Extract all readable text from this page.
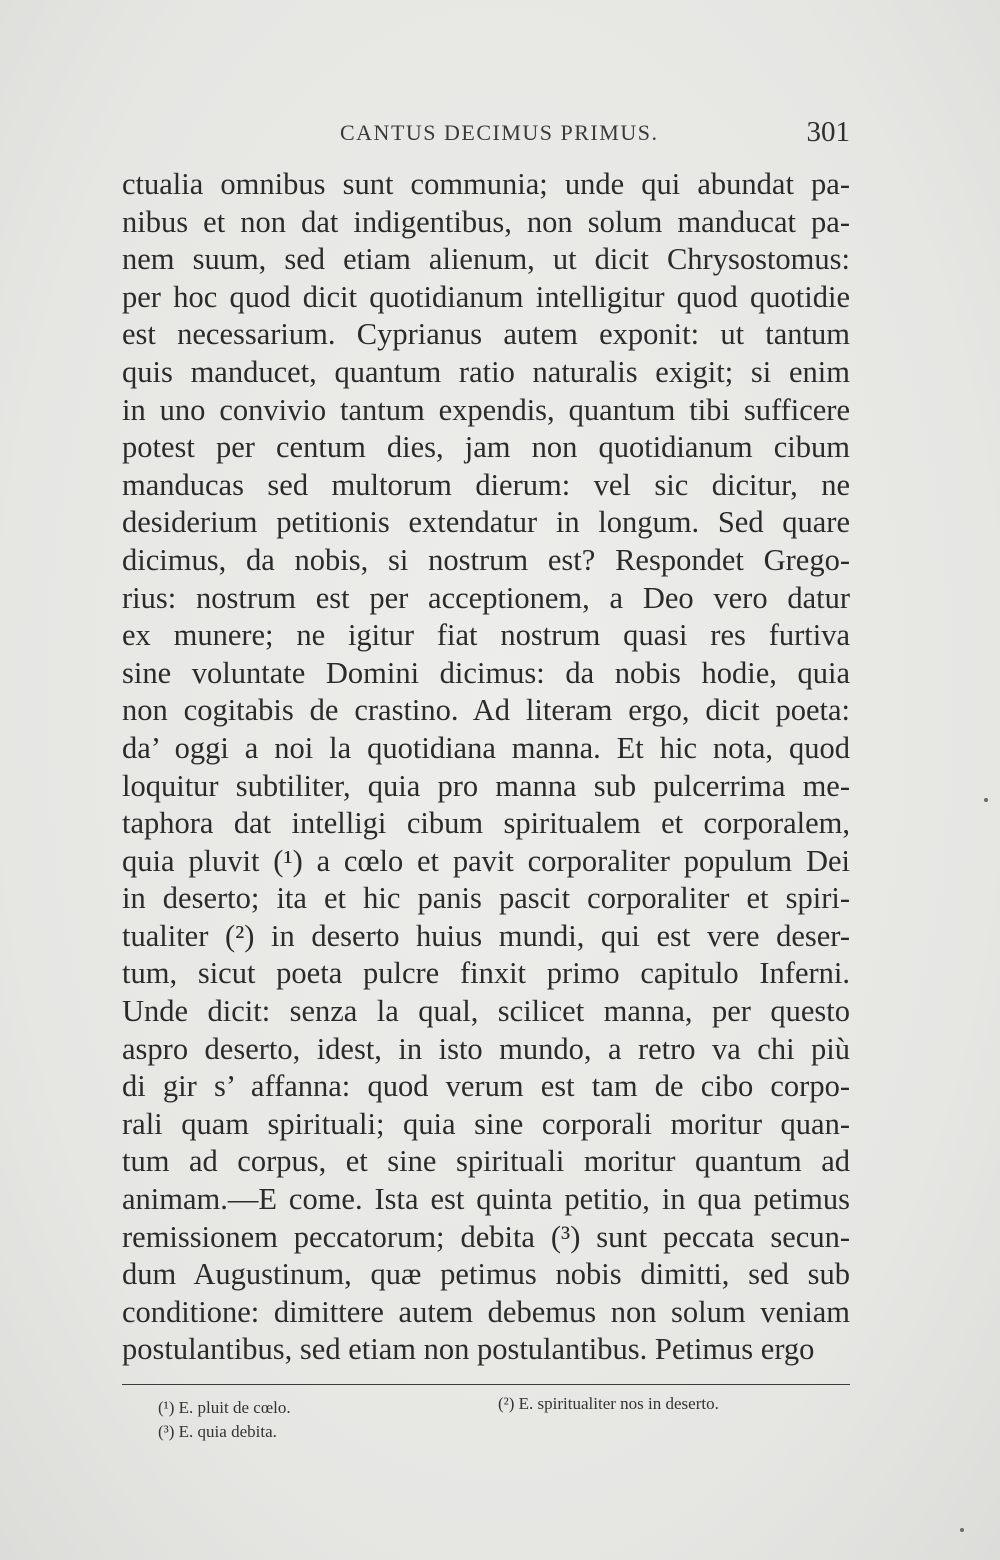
CANTUS DECIMUS PRIMUS.	301
ctualia omnibus sunt communia; unde qui abundat pa-
nibus et non dat indigentibus, non solum manducat pa-
nem suum, sed etiam alienum, ut dicit Chrysostomus:
per hoc quod dicit quotidianum intelligitur quod quotidie
est necessarium. Cyprianus autem exponit: ut tantum
quis manducet, quantum ratio naturalis exigit; si enim
in uno convivio tantum expendis, quantum tibi sufficere
potest per centum dies, jam non quotidianum cibum
manducas sed multorum dierum: vel sic dicitur, ne
desiderium petitionis extendatur in longum. Sed quare
dicimus, da nobis, si nostrum est? Respondet Grego-
rius: nostrum est per acceptionem, a Deo vero datur
ex munere; ne igitur fiat nostrum quasi res furtiva
sine voluntate Domini dicimus: da nobis hodie, quia
non cogitabis de crastino. Ad literam ergo, dicit poeta:
da’ oggi a noi la quotidiana manna. Et hic nota, quod
loquitur subtiliter, quia pro manna sub pulcerrima me-
taphora dat intelligi cibum spiritualem et corporalem,
quia pluvit (¹) a cœlo et pavit corporaliter populum Dei
in deserto; ita et hic panis pascit corporaliter et spiri-
tualiter (²) in deserto huius mundi, qui est vere deser-
tum, sicut poeta pulcre finxit primo capitulo Inferni.
Unde dicit: senza la qual, scilicet manna, per questo
aspro deserto, idest, in isto mundo, a retro va chi più
di gir s’ affanna: quod verum est tam de cibo corpo-
rali quam spirituali; quia sine corporali moritur quan-
tum ad corpus, et sine spirituali moritur quantum ad
animam.—E come. Ista est quinta petitio, in qua petimus
remissionem peccatorum; debita (³) sunt peccata secun-
dum Augustinum, quæ petimus nobis dimitti, sed sub
conditione: dimittere autem debemus non solum veniam
postulantibus, sed etiam non postulantibus. Petimus ergo
(¹) E. pluit de cœlo.	(²) E. spiritualiter nos in deserto.
(³) E. quia debita.
